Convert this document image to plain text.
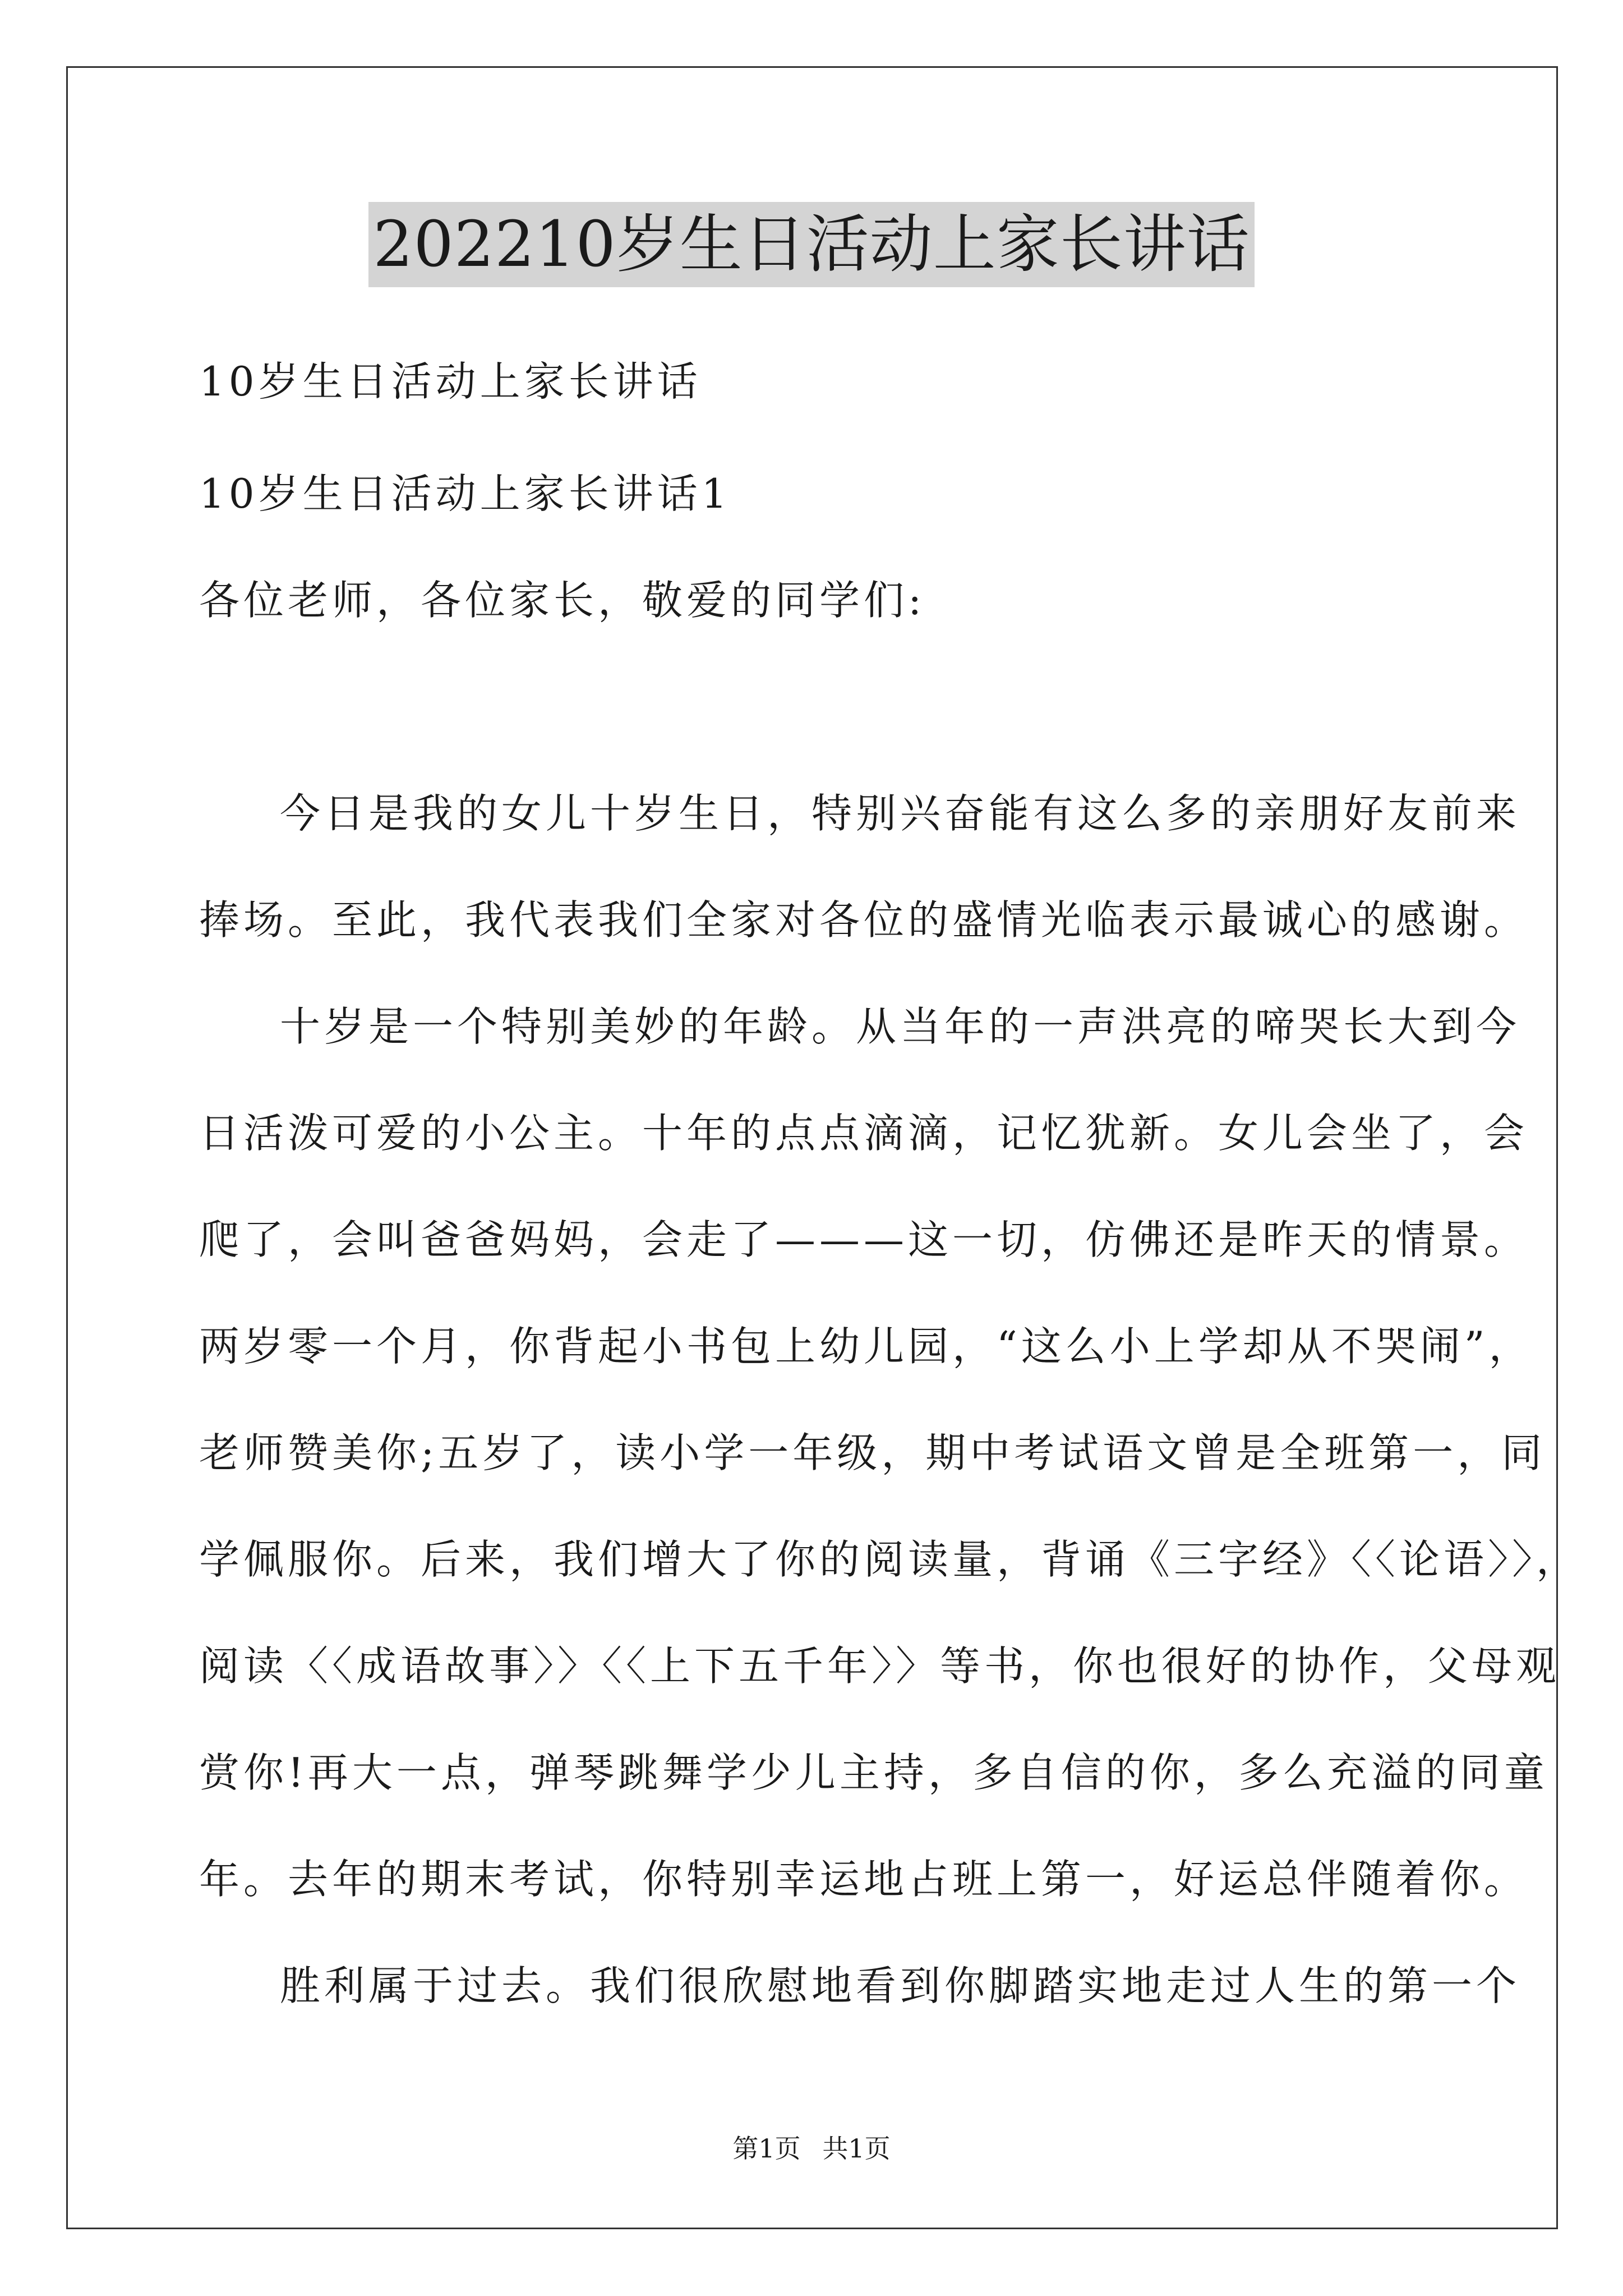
202210岁生日活动上家长讲话
10岁生日活动上家长讲话
10岁生日活动上家长讲话1
各位老师，各位家长，敬爱的同学们:
今日是我的女儿十岁生日，特别兴奋能有这么多的亲朋好友前来
捧场。至此，我代表我们全家对各位的盛情光临表示最诚心的感谢。
十岁是一个特别美妙的年龄。从当年的一声洪亮的啼哭长大到今
日活泼可爱的小公主。十年的点点滴滴，记忆犹新。女儿会坐了，会
爬了，会叫爸爸妈妈，会走了———这一切，仿佛还是昨天的情景。
两岁零一个月，你背起小书包上幼儿园，“这么小上学却从不哭闹”，
老师赞美你;五岁了，读小学一年级，期中考试语文曾是全班第一，同
学佩服你。后来，我们增大了你的阅读量，背诵《三字经》〈〈论语〉〉，
阅读〈〈成语故事〉〉〈〈上下五千年〉〉等书，你也很好的协作，父母观
赏你!再大一点，弹琴跳舞学少儿主持，多自信的你，多么充溢的同童
年。去年的期末考试，你特别幸运地占班上第一，好运总伴随着你。
胜利属于过去。我们很欣慰地看到你脚踏实地走过人生的第一个
第1页 共1页
